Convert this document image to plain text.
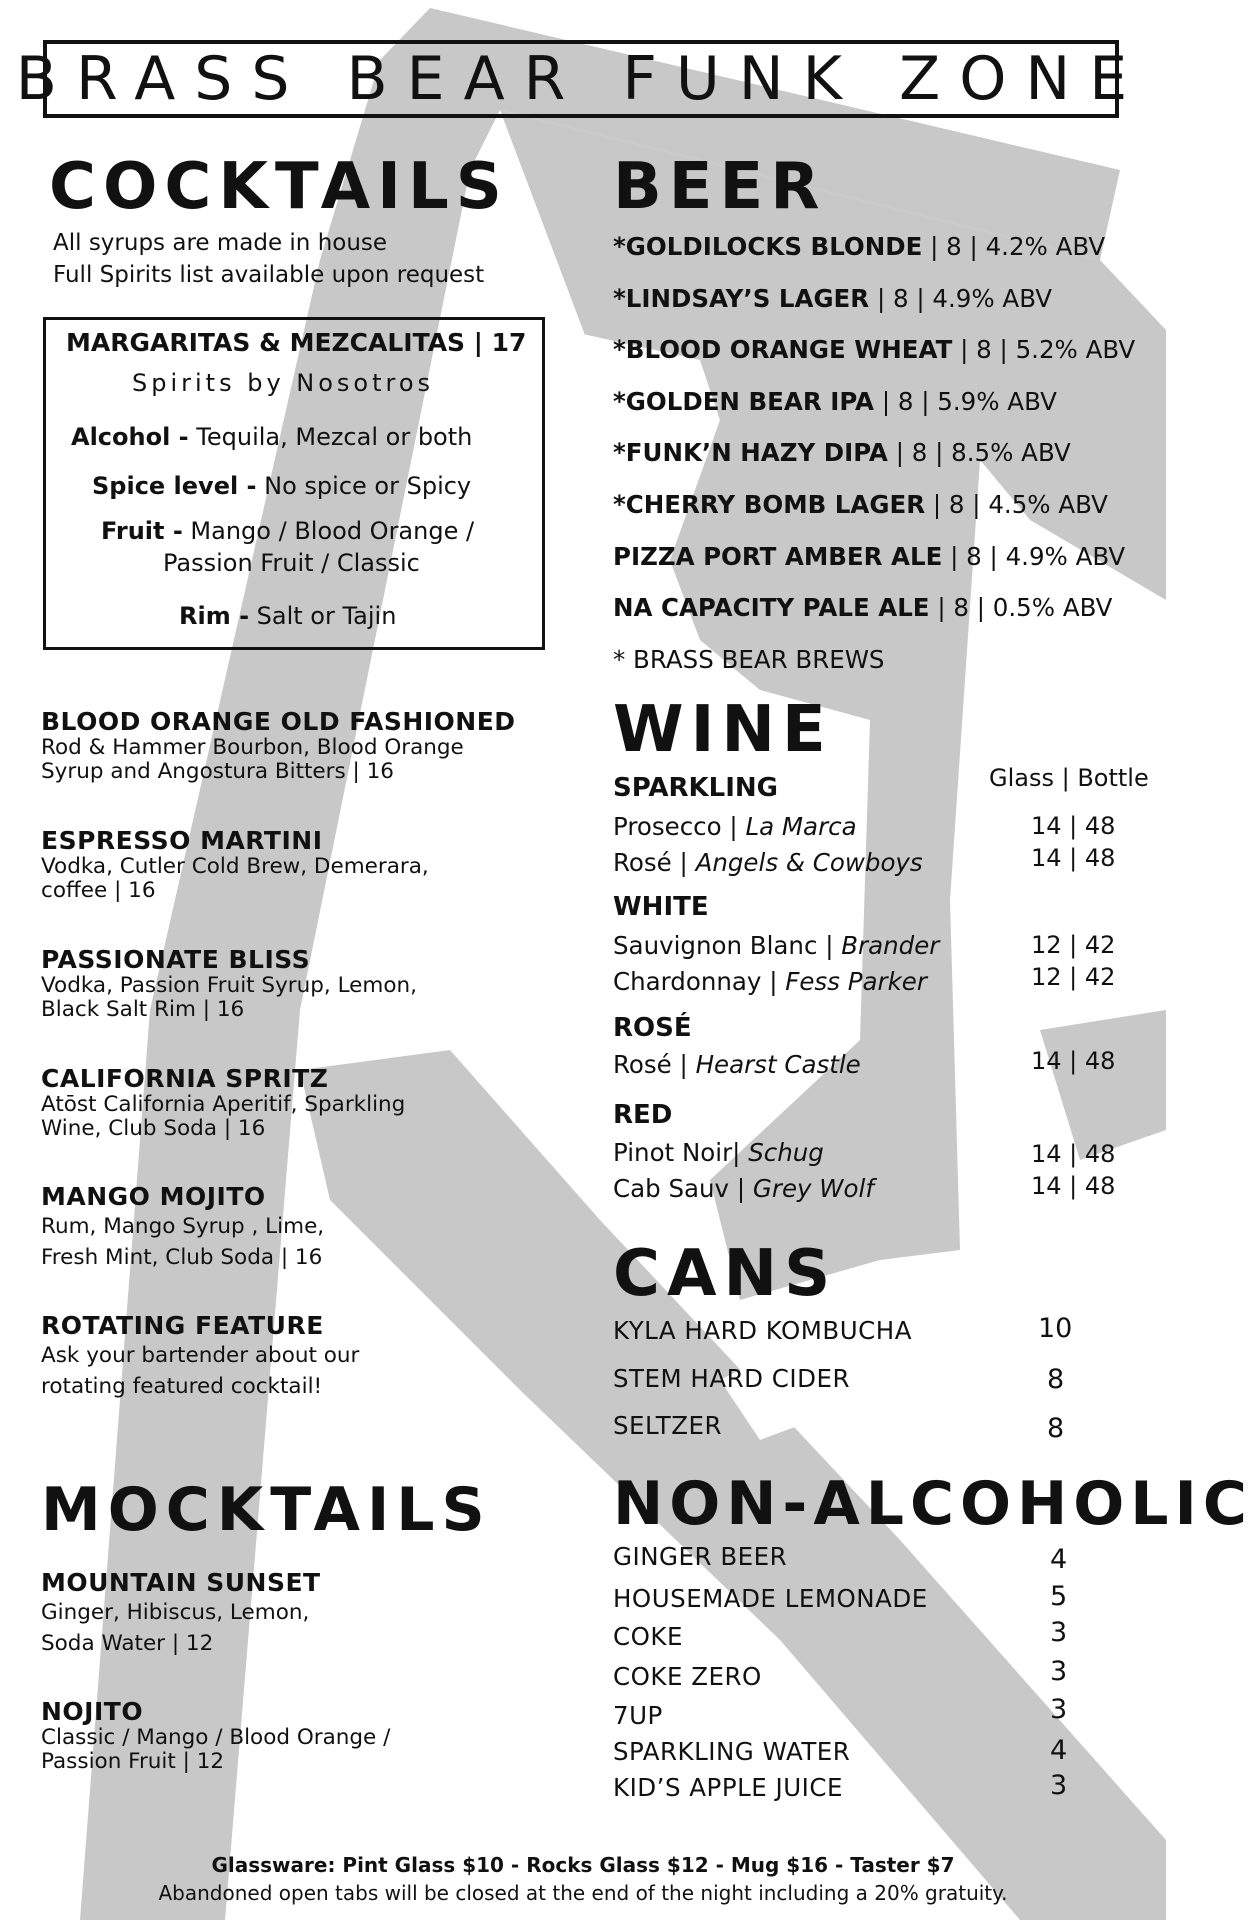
BRASS BEAR FUNK ZONE
COCKTAILS
All syrups are made in house
Full Spirits list available upon request
MARGARITAS & MEZCALITAS | 17
Spirits by Nosotros
Alcohol - Tequila, Mezcal or both
Spice level - No spice or Spicy
Fruit - Mango / Blood Orange /
Passion Fruit / Classic
Rim - Salt or Tajin
BLOOD ORANGE OLD FASHIONED
Rod & Hammer Bourbon, Blood Orange
Syrup and Angostura Bitters | 16
ESPRESSO MARTINI
Vodka, Cutler Cold Brew, Demerara,
coffee | 16
PASSIONATE BLISS
Vodka, Passion Fruit Syrup, Lemon,
Black Salt Rim | 16
CALIFORNIA SPRITZ
Atōst California Aperitif, Sparkling
Wine, Club Soda | 16
MANGO MOJITO
Rum, Mango Syrup , Lime,
Fresh Mint, Club Soda | 16
ROTATING FEATURE
Ask your bartender about our
rotating featured cocktail!
MOCKTAILS
MOUNTAIN SUNSET
Ginger, Hibiscus, Lemon,
Soda Water | 12
NOJITO
Classic / Mango / Blood Orange /
Passion Fruit | 12
BEER
*GOLDILOCKS BLONDE | 8 | 4.2% ABV
*LINDSAY’S LAGER | 8 | 4.9% ABV
*BLOOD ORANGE WHEAT | 8 | 5.2% ABV
*GOLDEN BEAR IPA | 8 | 5.9% ABV
*FUNK’N HAZY DIPA | 8 | 8.5% ABV
*CHERRY BOMB LAGER | 8 | 4.5% ABV
PIZZA PORT AMBER ALE | 8 | 4.9% ABV
NA CAPACITY PALE ALE | 8 | 0.5% ABV
* BRASS BEAR BREWS
WINE
Glass | Bottle
SPARKLING
Prosecco | La Marca	14 | 48
Rosé | Angels & Cowboys	14 | 48
WHITE
Sauvignon Blanc | Brander	12 | 42
Chardonnay | Fess Parker	12 | 42
ROSÉ
Rosé | Hearst Castle	14 | 48
RED
Pinot Noir| Schug	14 | 48
Cab Sauv | Grey Wolf	14 | 48
CANS
KYLA HARD KOMBUCHA	10
STEM HARD CIDER	8
SELTZER	8
NON-ALCOHOLIC
GINGER BEER	4
HOUSEMADE LEMONADE	5
COKE	3
COKE ZERO	3
7UP	3
SPARKLING WATER	4
KID’S APPLE JUICE	3
Glassware: Pint Glass $10 - Rocks Glass $12 - Mug $16 - Taster $7
Abandoned open tabs will be closed at the end of the night including a 20% gratuity.
